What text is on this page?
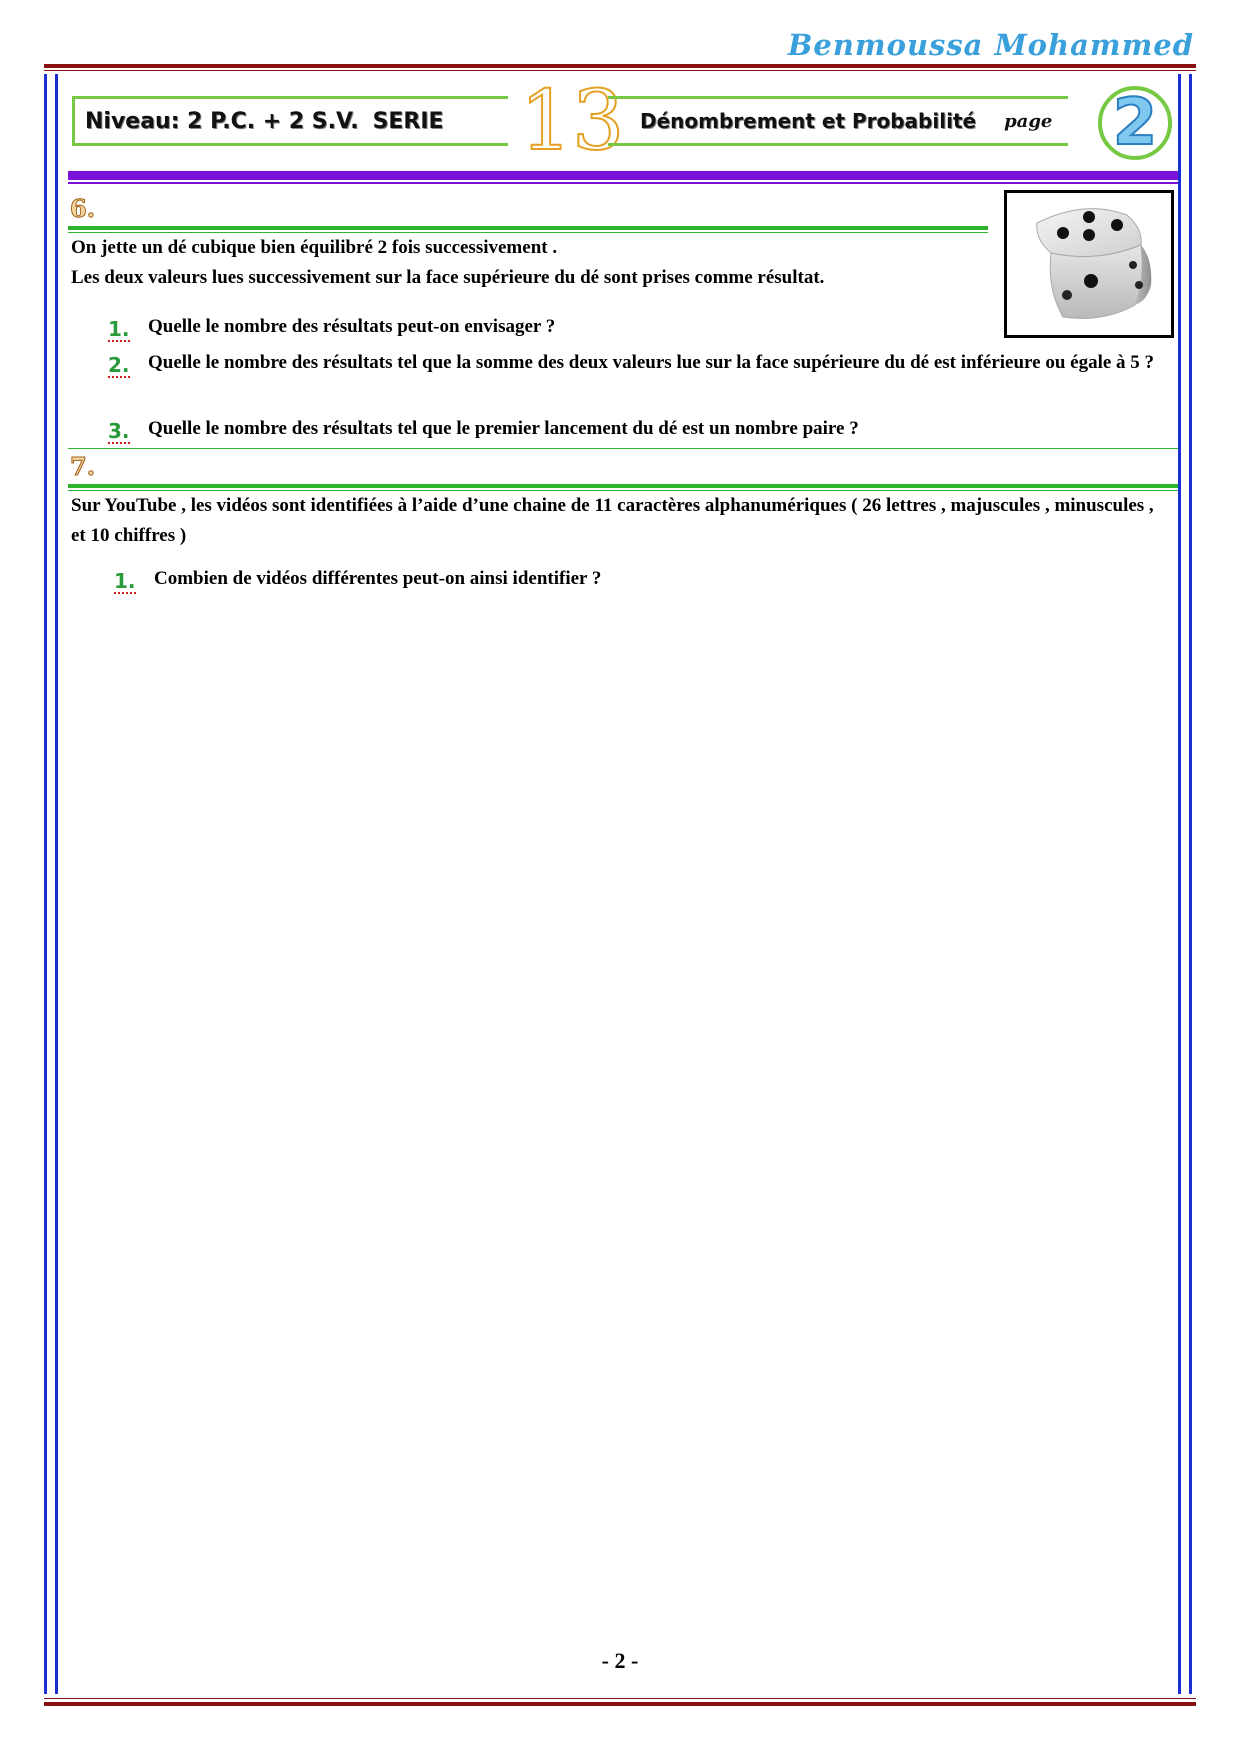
Benmoussa Mohammed
Niveau: 2 P.C. + 2 S.V. SERIE 13 Dénombrement et Probabilité page 2
6.
On jette un dé cubique bien équilibré 2 fois successivement .
Les deux valeurs lues successivement sur la face supérieure du dé sont prises comme résultat.
1. Quelle le nombre des résultats peut-on envisager ?
2. Quelle le nombre des résultats tel que la somme des deux valeurs lue sur la face supérieure du dé est inférieure ou égale à 5 ?
3. Quelle le nombre des résultats tel que le premier lancement du dé est un nombre paire ?
7.
Sur YouTube , les vidéos sont identifiées à l’aide d’une chaine de 11 caractères alphanumériques ( 26 lettres , majuscules , minuscules , et 10 chiffres )
1. Combien de vidéos différentes peut-on ainsi identifier ?
- 2 -
